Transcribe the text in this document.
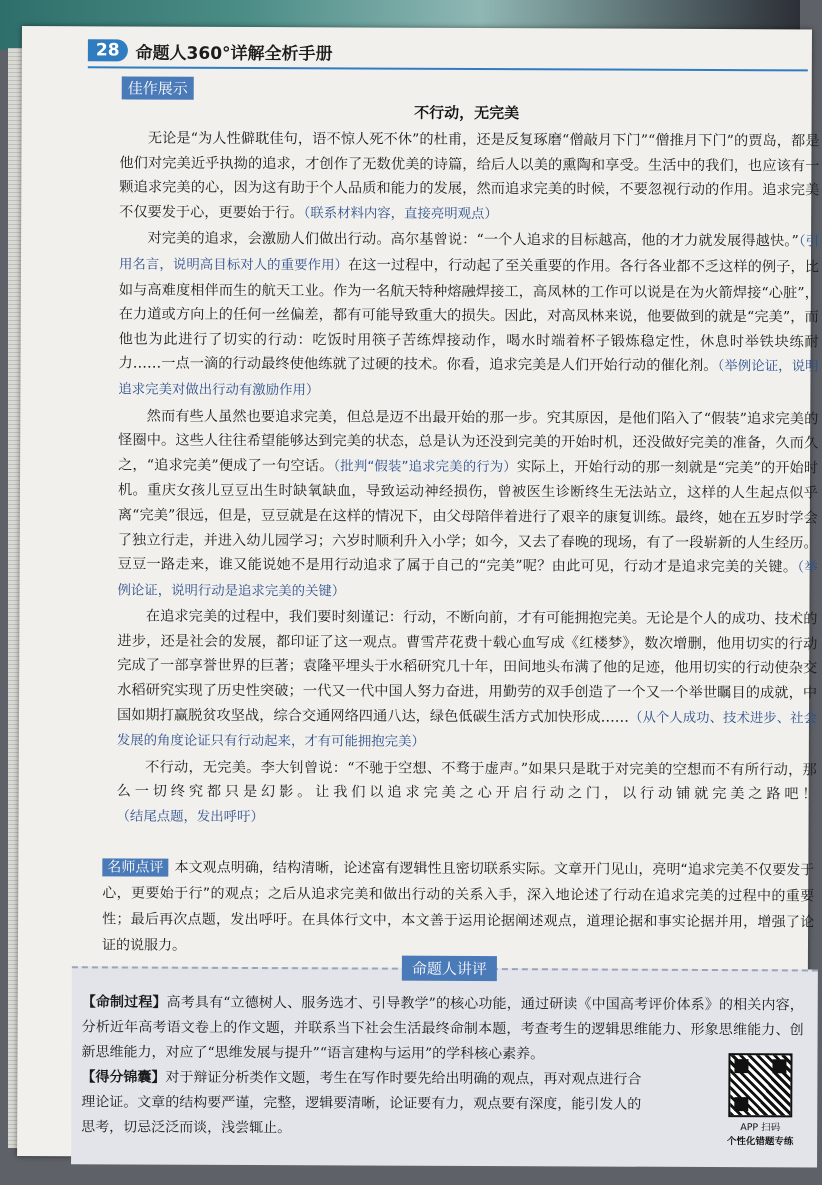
28 命题人360°详解全析手册
佳作展示
不行动，无完美

无论是“为人性僻耽佳句，语不惊人死不休”的杜甫，还是反复琢磨“僧敲月下门”“僧推月下门”的贾岛，都是他们对完美近乎执拗的追求，才创作了无数优美的诗篇，给后人以美的熏陶和享受。生活中的我们，也应该有一颗追求完美的心，因为这有助于个人品质和能力的发展，然而追求完美的时候，不要忽视行动的作用。追求完美不仅要发于心，更要始于行。（联系材料内容，直接亮明观点）

对完美的追求，会激励人们做出行动。高尔基曾说：“一个人追求的目标越高，他的才力就发展得越快。”（引用名言，说明高目标对人的重要作用）在这一过程中，行动起了至关重要的作用。各行各业都不乏这样的例子，比如与高难度相伴而生的航天工业。作为一名航天特种熔融焊接工，高凤林的工作可以说是在为火箭焊接“心脏”，在力道或方向上的任何一丝偏差，都有可能导致重大的损失。因此，对高凤林来说，他要做到的就是“完美”，而他也为此进行了切实的行动：吃饭时用筷子苦练焊接动作，喝水时端着杯子锻炼稳定性，休息时举铁块练耐力……一点一滴的行动最终使他练就了过硬的技术。你看，追求完美是人们开始行动的催化剂。（举例论证，说明追求完美对做出行动有激励作用）

然而有些人虽然也要追求完美，但总是迈不出最开始的那一步。究其原因，是他们陷入了“假装”追求完美的怪圈中。这些人往往希望能够达到完美的状态，总是认为还没到完美的开始时机，还没做好完美的准备，久而久之，“追求完美”便成了一句空话。（批判“假装”追求完美的行为）实际上，开始行动的那一刻就是“完美”的开始时机。重庆女孩儿豆豆出生时缺氧缺血，导致运动神经损伤，曾被医生诊断终生无法站立，这样的人生起点似乎离“完美”很远，但是，豆豆就是在这样的情况下，由父母陪伴着进行了艰辛的康复训练。最终，她在五岁时学会了独立行走，并进入幼儿园学习；六岁时顺利升入小学；如今，又去了春晚的现场，有了一段崭新的人生经历。豆豆一路走来，谁又能说她不是用行动追求了属于自己的“完美”呢？由此可见，行动才是追求完美的关键。（举例论证，说明行动是追求完美的关键）

在追求完美的过程中，我们要时刻谨记：行动，不断向前，才有可能拥抱完美。无论是个人的成功、技术的进步，还是社会的发展，都印证了这一观点。曹雪芹花费十载心血写成《红楼梦》，数次增删，他用切实的行动完成了一部享誉世界的巨著；袁隆平埋头于水稻研究几十年，田间地头布满了他的足迹，他用切实的行动使杂交水稻研究实现了历史性突破；一代又一代中国人努力奋进，用勤劳的双手创造了一个又一个举世瞩目的成就，中国如期打赢脱贫攻坚战，综合交通网络四通八达，绿色低碳生活方式加快形成……（从个人成功、技术进步、社会发展的角度论证只有行动起来，才有可能拥抱完美）

不行动，无完美。李大钊曾说：“不驰于空想、不骛于虚声。”如果只是耽于对完美的空想而不有所行动，那么一切终究都只是幻影。让我们以追求完美之心开启行动之门，以行动铺就完美之路吧！（结尾点题，发出呼吁）

名师点评 本文观点明确，结构清晰，论述富有逻辑性且密切联系实际。文章开门见山，亮明“追求完美不仅要发于心，更要始于行”的观点；之后从追求完美和做出行动的关系入手，深入地论述了行动在追求完美的过程中的重要性；最后再次点题，发出呼吁。在具体行文中，本文善于运用论据阐述观点，道理论据和事实论据并用，增强了论证的说服力。
命题人讲评

【命制过程】高考具有“立德树人、服务选才、引导教学”的核心功能，通过研读《中国高考评价体系》的相关内容，分析近年高考语文卷上的作文题，并联系当下社会生活最终命制本题，考查考生的逻辑思维能力、形象思维能力、创新思维能力，对应了“思维发展与提升”“语言建构与运用”的学科核心素养。

【得分锦囊】对于辩证分析类作文题，考生在写作时要先给出明确的观点，再对观点进行合理论证。文章的结构要严谨，完整，逻辑要清晰，论证要有力，观点要有深度，能引发人的思考，切忌泛泛而谈，浅尝辄止。	APP 扫码
个性化错题专练
